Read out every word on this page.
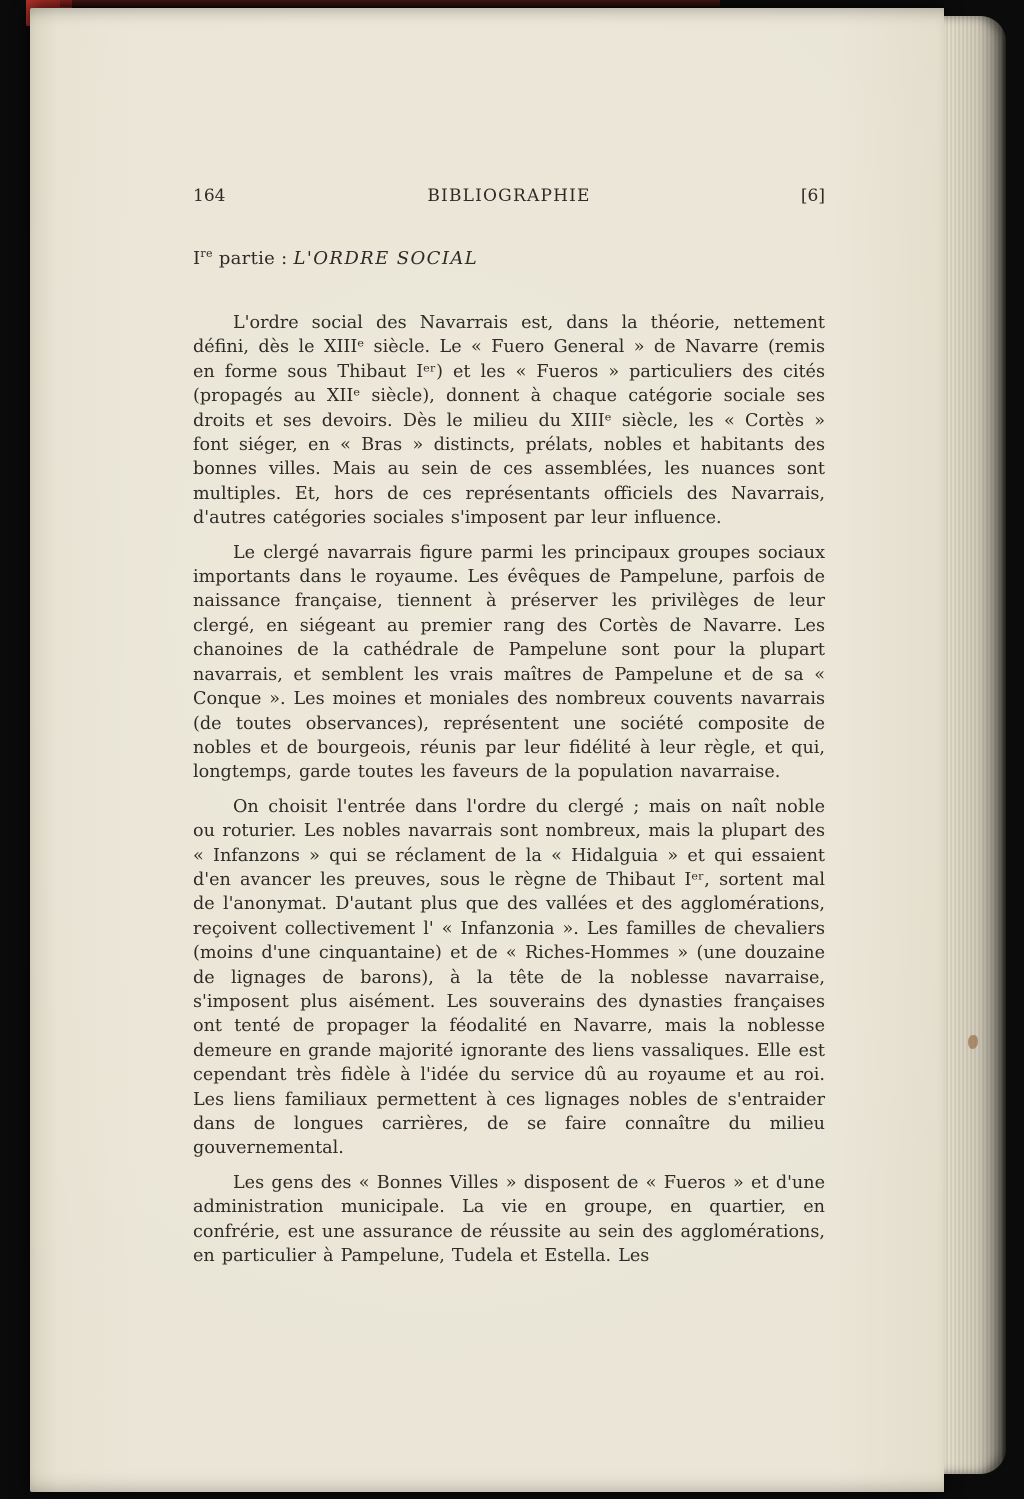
164	BIBLIOGRAPHIE	[6]
Ire partie : L'ORDRE SOCIAL

L'ordre social des Navarrais est, dans la théorie, nettement défini, dès le XIIIᵉ siècle. Le « Fuero General » de Navarre (remis en forme sous Thibaut Iᵉʳ) et les « Fueros » particuliers des cités (propagés au XIIᵉ siècle), donnent à chaque catégorie sociale ses droits et ses devoirs. Dès le milieu du XIIIᵉ siècle, les « Cortès » font siéger, en « Bras » distincts, prélats, nobles et habitants des bonnes villes. Mais au sein de ces assemblées, les nuances sont multiples. Et, hors de ces représentants officiels des Navarrais, d'autres catégories sociales s'imposent par leur influence.

Le clergé navarrais figure parmi les principaux groupes sociaux importants dans le royaume. Les évêques de Pampelune, parfois de naissance française, tiennent à préserver les privilèges de leur clergé, en siégeant au premier rang des Cortès de Navarre. Les chanoines de la cathédrale de Pampelune sont pour la plupart navarrais, et semblent les vrais maîtres de Pampelune et de sa « Conque ». Les moines et moniales des nombreux couvents navarrais (de toutes observances), représentent une société composite de nobles et de bourgeois, réunis par leur fidélité à leur règle, et qui, longtemps, garde toutes les faveurs de la population navarraise.

On choisit l'entrée dans l'ordre du clergé ; mais on naît noble ou roturier. Les nobles navarrais sont nombreux, mais la plupart des « Infanzons » qui se réclament de la « Hidalguia » et qui essaient d'en avancer les preuves, sous le règne de Thibaut Iᵉʳ, sortent mal de l'anonymat. D'autant plus que des vallées et des agglomérations, reçoivent collectivement l' « Infanzonia ». Les familles de chevaliers (moins d'une cinquantaine) et de « Riches-Hommes » (une douzaine de lignages de barons), à la tête de la noblesse navarraise, s'imposent plus aisément. Les souverains des dynasties françaises ont tenté de propager la féodalité en Navarre, mais la noblesse demeure en grande majorité ignorante des liens vassaliques. Elle est cependant très fidèle à l'idée du service dû au royaume et au roi. Les liens familiaux permettent à ces lignages nobles de s'entraider dans de longues carrières, de se faire connaître du milieu gouvernemental.

Les gens des « Bonnes Villes » disposent de « Fueros » et d'une administration municipale. La vie en groupe, en quartier, en confrérie, est une assurance de réussite au sein des agglomérations, en particulier à Pampelune, Tudela et Estella. Les
